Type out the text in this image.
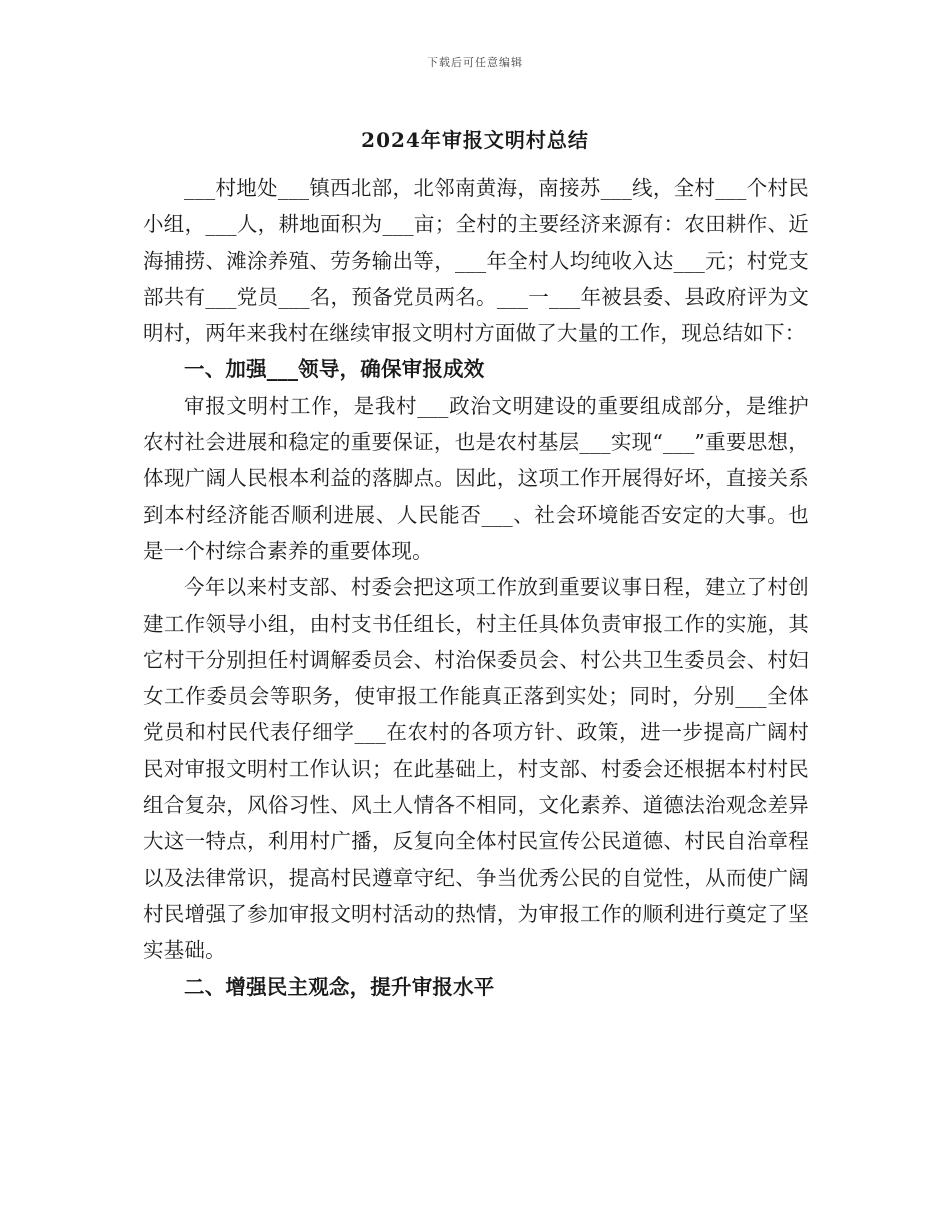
下载后可任意编辑
2024年审报文明村总结

___村地处___镇西北部，北邻南黄海，南接苏___线，全村___个村民小组，___人，耕地面积为___亩；全村的主要经济来源有：农田耕作、近海捕捞、滩涂养殖、劳务输出等，___年全村人均纯收入达___元；村党支部共有___党员___名，预备党员两名。___一___年被县委、县政府评为文明村，两年来我村在继续审报文明村方面做了大量的工作，现总结如下：

一、加强___领导，确保审报成效

审报文明村工作，是我村___政治文明建设的重要组成部分，是维护农村社会进展和稳定的重要保证，也是农村基层___实现“___”重要思想，体现广阔人民根本利益的落脚点。因此，这项工作开展得好坏，直接关系到本村经济能否顺利进展、人民能否___、社会环境能否安定的大事。也是一个村综合素养的重要体现。

今年以来村支部、村委会把这项工作放到重要议事日程，建立了村创建工作领导小组，由村支书任组长，村主任具体负责审报工作的实施，其它村干分别担任村调解委员会、村治保委员会、村公共卫生委员会、村妇女工作委员会等职务，使审报工作能真正落到实处；同时，分别___全体党员和村民代表仔细学___在农村的各项方针、政策，进一步提高广阔村民对审报文明村工作认识；在此基础上，村支部、村委会还根据本村村民组合复杂，风俗习性、风土人情各不相同，文化素养、道德法治观念差异大这一特点，利用村广播，反复向全体村民宣传公民道德、村民自治章程以及法律常识，提高村民遵章守纪、争当优秀公民的自觉性，从而使广阔村民增强了参加审报文明村活动的热情，为审报工作的顺利进行奠定了坚实基础。

二、增强民主观念，提升审报水平
